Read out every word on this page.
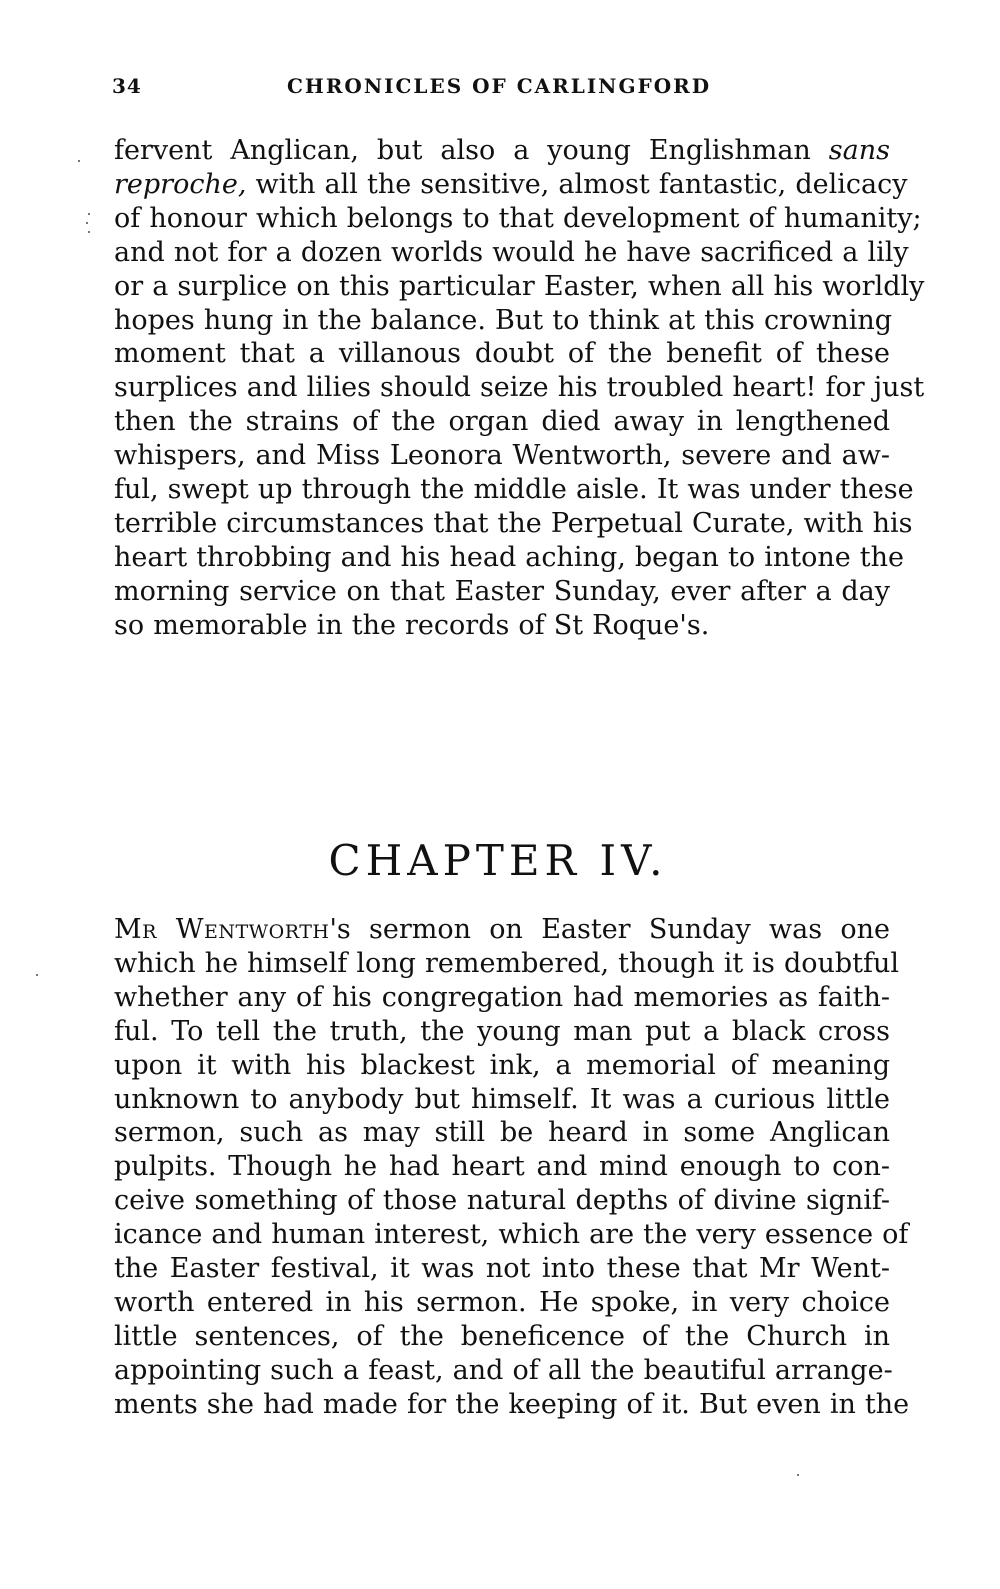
34	CHRONICLES OF CARLINGFORD
fervent Anglican, but also a young Englishman sans
reproche, with all the sensitive, almost fantastic, delicacy
of honour which belongs to that development of humanity;
and not for a dozen worlds would he have sacrificed a lily
or a surplice on this particular Easter, when all his worldly
hopes hung in the balance. But to think at this crowning
moment that a villanous doubt of the benefit of these
surplices and lilies should seize his troubled heart! for just
then the strains of the organ died away in lengthened
whispers, and Miss Leonora Wentworth, severe and aw-
ful, swept up through the middle aisle. It was under these
terrible circumstances that the Perpetual Curate, with his
heart throbbing and his head aching, began to intone the
morning service on that Easter Sunday, ever after a day
so memorable in the records of St Roque's.
CHAPTER IV.
Mr Wentworth's sermon on Easter Sunday was one
which he himself long remembered, though it is doubtful
whether any of his congregation had memories as faith-
ful. To tell the truth, the young man put a black cross
upon it with his blackest ink, a memorial of meaning
unknown to anybody but himself. It was a curious little
sermon, such as may still be heard in some Anglican
pulpits. Though he had heart and mind enough to con-
ceive something of those natural depths of divine signif-
icance and human interest, which are the very essence of
the Easter festival, it was not into these that Mr Went-
worth entered in his sermon. He spoke, in very choice
little sentences, of the beneficence of the Church in
appointing such a feast, and of all the beautiful arrange-
ments she had made for the keeping of it. But even in the
